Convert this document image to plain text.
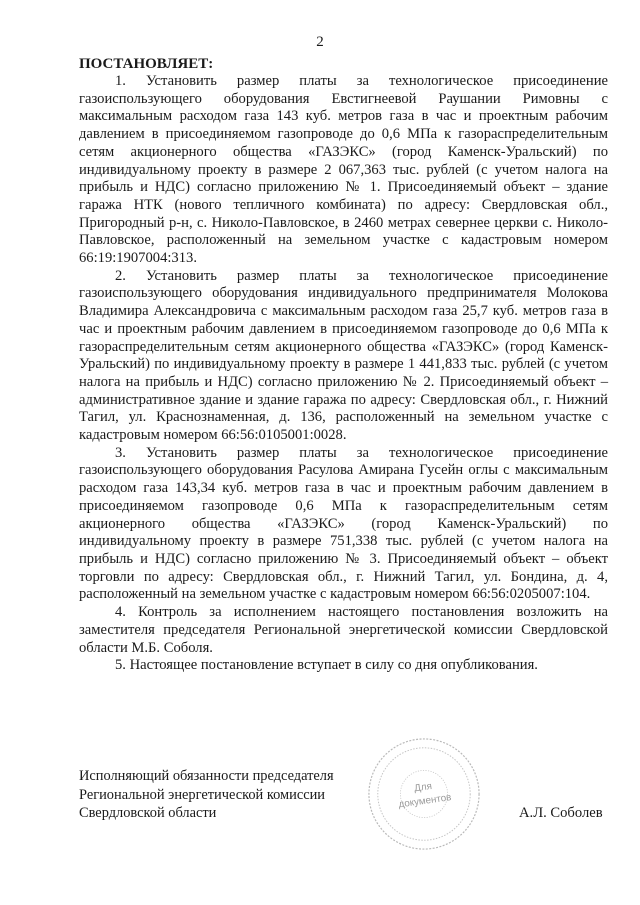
2

ПОСТАНОВЛЯЕТ:

1. Установить размер платы за технологическое присоединение газоиспользующего оборудования Евстигнеевой Раушании Римовны с максимальным расходом газа 143 куб. метров газа в час и проектным рабочим давлением в присоединяемом газопроводе до 0,6 МПа к газораспределительным сетям акционерного общества «ГАЗЭКС» (город Каменск-Уральский) по индивидуальному проекту в размере 2 067,363 тыс. рублей (с учетом налога на прибыль и НДС) согласно приложению № 1. Присоединяемый объект – здание гаража НТК (нового тепличного комбината) по адресу: Свердловская обл., Пригородный р-н, с. Николо-Павловское, в 2460 метрах севернее церкви с. Николо-Павловское, расположенный на земельном участке с кадастровым номером 66:19:1907004:313.

2. Установить размер платы за технологическое присоединение газоиспользующего оборудования индивидуального предпринимателя Молокова Владимира Александровича с максимальным расходом газа 25,7 куб. метров газа в час и проектным рабочим давлением в присоединяемом газопроводе до 0,6 МПа к газораспределительным сетям акционерного общества «ГАЗЭКС» (город Каменск-Уральский) по индивидуальному проекту в размере 1 441,833 тыс. рублей (с учетом налога на прибыль и НДС) согласно приложению № 2. Присоединяемый объект – административное здание и здание гаража по адресу: Свердловская обл., г. Нижний Тагил, ул. Краснознаменная, д. 136, расположенный на земельном участке с кадастровым номером 66:56:0105001:0028.

3. Установить размер платы за технологическое присоединение газоиспользующего оборудования Расулова Амирана Гусейн оглы с максимальным расходом газа 143,34 куб. метров газа в час и проектным рабочим давлением в присоединяемом газопроводе 0,6 МПа к газораспределительным сетям акционерного общества «ГАЗЭКС» (город Каменск-Уральский) по индивидуальному проекту в размере 751,338 тыс. рублей (с учетом налога на прибыль и НДС) согласно приложению № 3. Присоединяемый объект – объект торговли по адресу: Свердловская обл., г. Нижний Тагил, ул. Бондина, д. 4, расположенный на земельном участке с кадастровым номером 66:56:0205007:104.

4. Контроль за исполнением настоящего постановления возложить на заместителя председателя Региональной энергетической комиссии Свердловской области М.Б. Соболя.

5. Настоящее постановление вступает в силу со дня опубликования.

Для
документов
Исполняющий обязанности председателя
Региональной энергетической комиссии
Свердловской области	А.Л. Соболев
